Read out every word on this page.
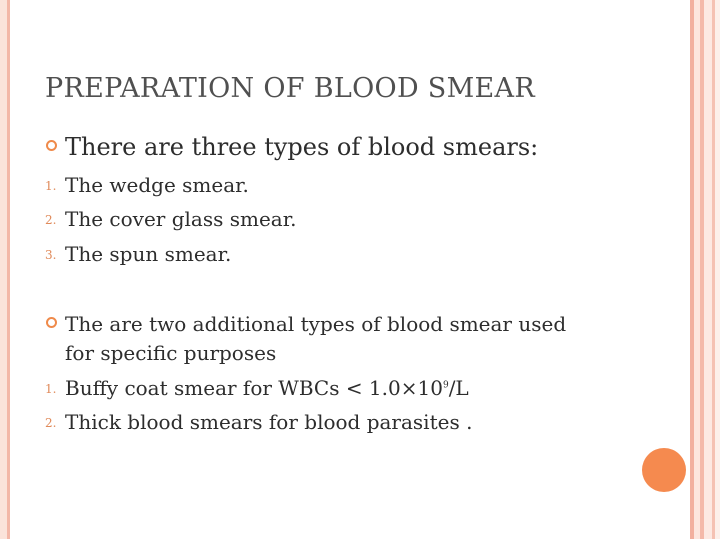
PREPARATION OF BLOOD SMEAR
There are three types of blood smears:
1. The wedge smear.
2. The cover glass smear.
3. The spun smear.
The are two additional types of blood smear used
for specific purposes
1. Buffy coat smear for WBCs < $1.0\times 10^9/L$
2. Thick blood smears for blood parasites .
